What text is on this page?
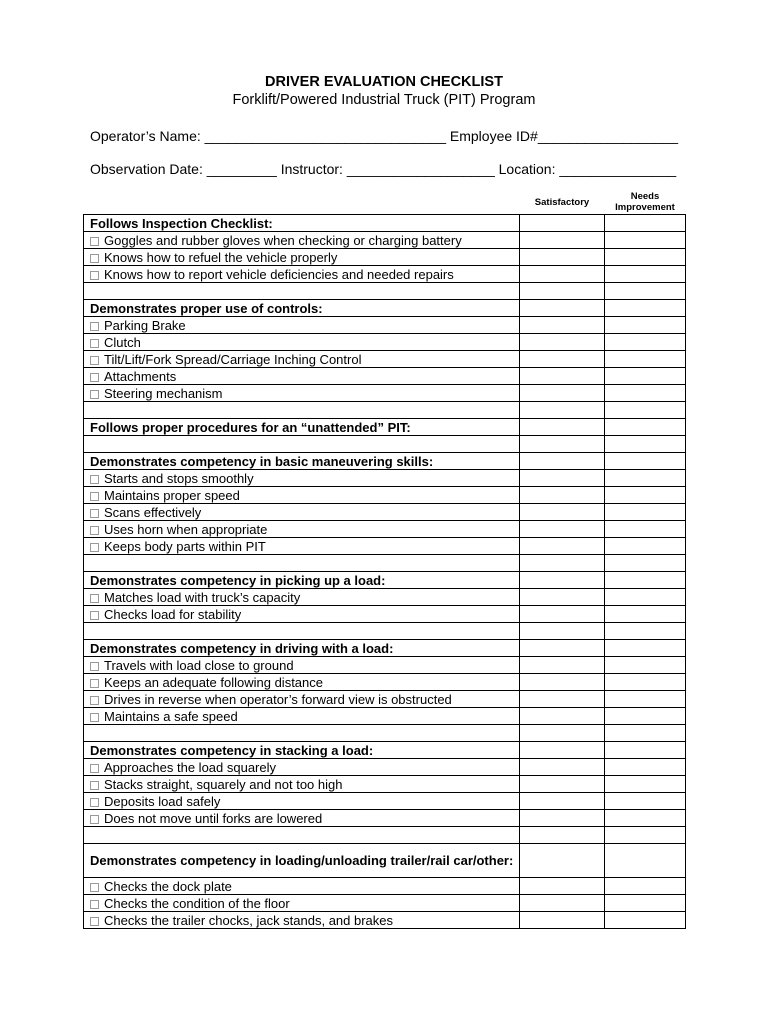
DRIVER EVALUATION CHECKLIST
Forklift/Powered Industrial Truck (PIT) Program
Operator’s Name: _______________________________ Employee ID#__________________
Observation Date: _________ Instructor: ___________________ Location: _______________
Satisfactory
Needs Improvement
Follows Inspection Checklist:		
Goggles and rubber gloves when checking or charging battery		
Knows how to refuel the vehicle properly		
Knows how to report vehicle deficiencies and needed repairs		

Demonstrates proper use of controls:		
Parking Brake		
Clutch		
Tilt/Lift/Fork Spread/Carriage Inching Control		
Attachments		
Steering mechanism		

Follows proper procedures for an “unattended” PIT:		

Demonstrates competency in basic maneuvering skills:		
Starts and stops smoothly		
Maintains proper speed		
Scans effectively		
Uses horn when appropriate		
Keeps body parts within PIT		

Demonstrates competency in picking up a load:		
Matches load with truck’s capacity		
Checks load for stability		

Demonstrates competency in driving with a load:		
Travels with load close to ground		
Keeps an adequate following distance		
Drives in reverse when operator’s forward view is obstructed		
Maintains a safe speed		

Demonstrates competency in stacking a load:		
Approaches the load squarely		
Stacks straight, squarely and not too high		
Deposits load safely		
Does not move until forks are lowered		

Demonstrates competency in loading/unloading trailer/rail car/other:		
Checks the dock plate		
Checks the condition of the floor		
Checks the trailer chocks, jack stands, and brakes		
